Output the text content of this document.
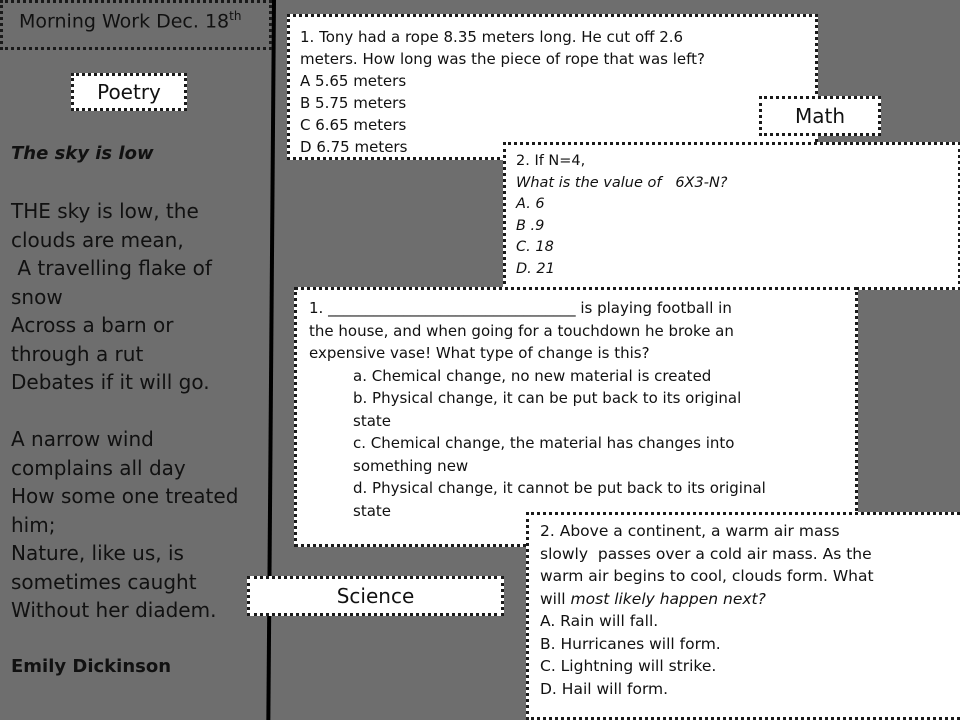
Morning Work Dec. 18th
Poetry
The sky is low
THE sky is low, the
clouds are mean,
A travelling flake of
snow
Across a barn or
through a rut
Debates if it will go.
A narrow wind
complains all day
How some one treated
him;
Nature, like us, is
sometimes caught
Without her diadem.
Emily Dickinson
1. Tony had a rope 8.35 meters long. He cut off 2.6
meters. How long was the piece of rope that was left?
A 5.65 meters
B 5.75 meters
C 6.65 meters
D 6.75 meters
Math
2. If N=4,
What is the value of   6X3-N?
A. 6
B .9
C. 18
D. 21
1. _________________________________ is playing football in
the house, and when going for a touchdown he broke an
expensive vase! What type of change is this?
a. Chemical change, no new material is created
b. Physical change, it can be put back to its original
state
c. Chemical change, the material has changes into
something new
d. Physical change, it cannot be put back to its original
state
Science
2. Above a continent, a warm air mass
slowly  passes over a cold air mass. As the
warm air begins to cool, clouds form. What
will most likely happen next?
A. Rain will fall.
B. Hurricanes will form.
C. Lightning will strike.
D. Hail will form.
